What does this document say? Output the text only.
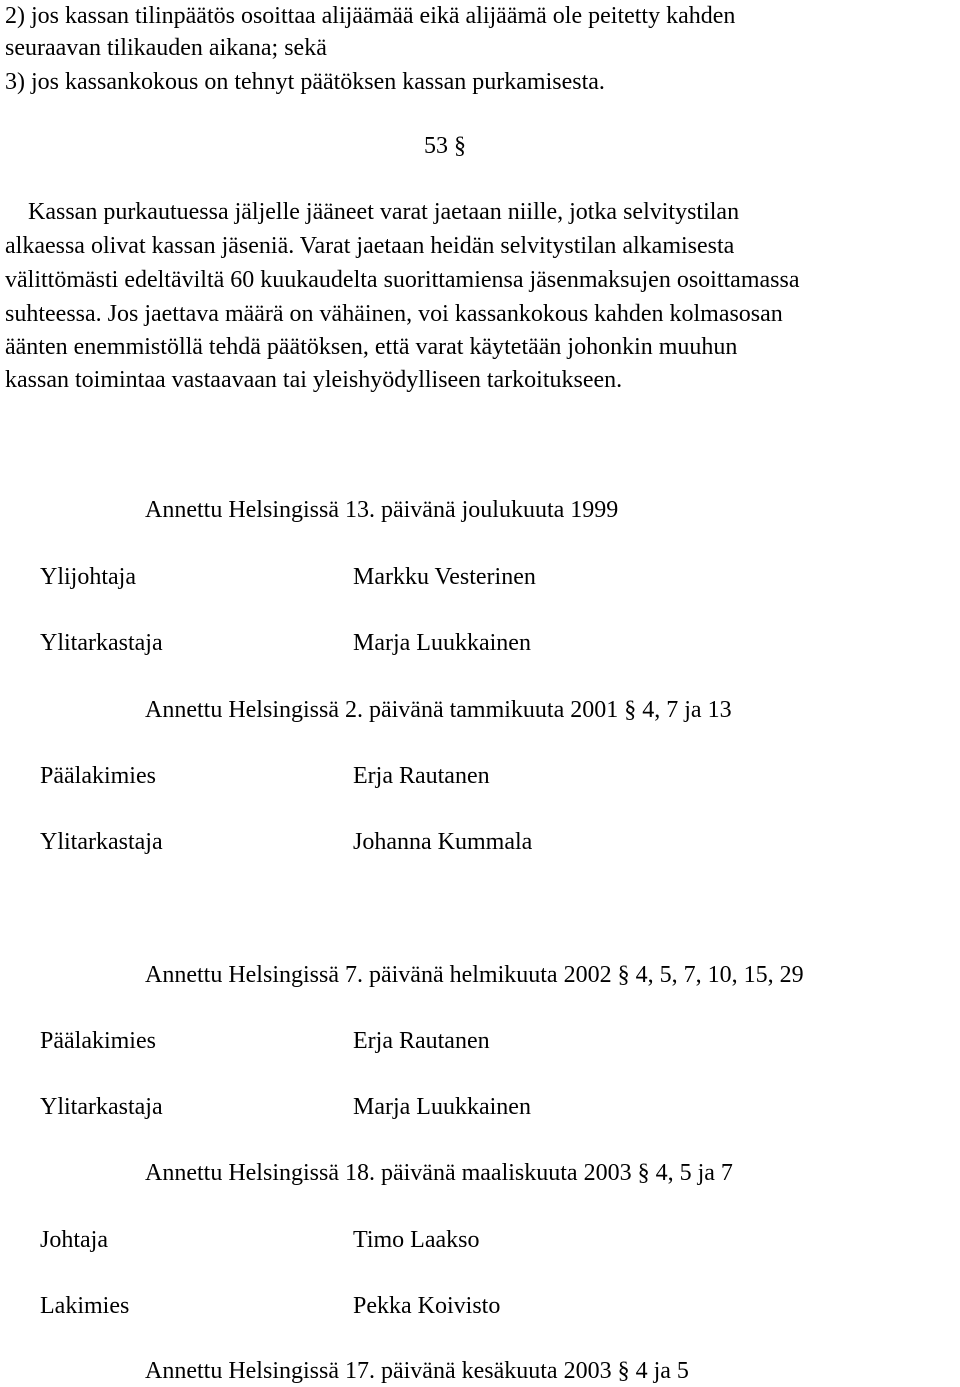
2) jos kassan tilinpäätös osoittaa alijäämää eikä alijäämä ole peitetty kahden
seuraavan tilikauden aikana; sekä
3) jos kassankokous on tehnyt päätöksen kassan purkamisesta.
53 §
Kassan purkautuessa jäljelle jääneet varat jaetaan niille, jotka selvitystilan
alkaessa olivat kassan jäseniä. Varat jaetaan heidän selvitystilan alkamisesta
välittömästi edeltäviltä 60 kuukaudelta suorittamiensa jäsenmaksujen osoittamassa
suhteessa. Jos jaettava määrä on vähäinen, voi kassankokous kahden kolmasosan
äänten enemmistöllä tehdä päätöksen, että varat käytetään johonkin muuhun
kassan toimintaa vastaavaan tai yleishyödylliseen tarkoitukseen.
Annettu Helsingissä 13. päivänä joulukuuta 1999
Ylijohtaja	Markku Vesterinen
Ylitarkastaja	Marja Luukkainen
Annettu Helsingissä 2. päivänä tammikuuta 2001 § 4, 7 ja 13
Päälakimies	Erja Rautanen
Ylitarkastaja	Johanna Kummala
Annettu Helsingissä 7. päivänä helmikuuta 2002 § 4, 5, 7, 10, 15, 29
Päälakimies	Erja Rautanen
Ylitarkastaja	Marja Luukkainen
Annettu Helsingissä 18. päivänä maaliskuuta 2003 § 4, 5 ja 7
Johtaja	Timo Laakso
Lakimies	Pekka Koivisto
Annettu Helsingissä 17. päivänä kesäkuuta 2003 § 4 ja 5
